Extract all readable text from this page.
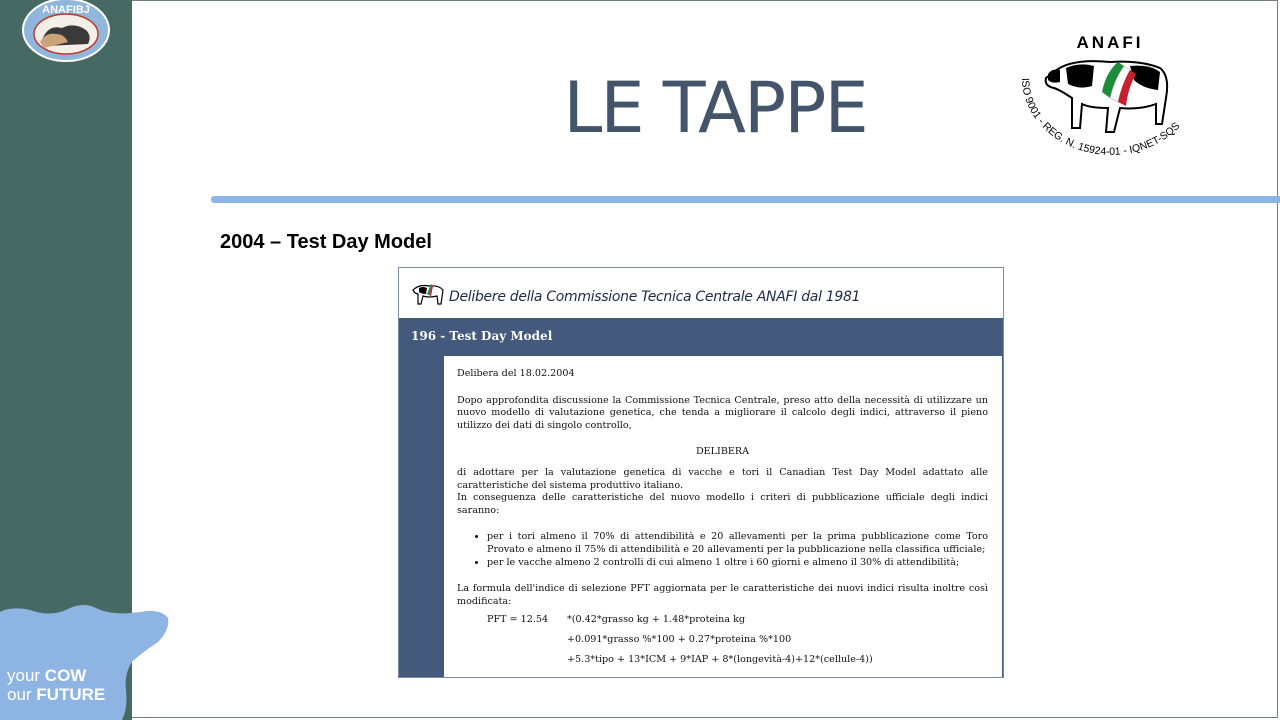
ANAFIBJ
your COW
our FUTURE
LE TAPPE
ANAFI
ISO 9001 - REG. N. 15924-01 - IQNET-SQS
2004 – Test Day Model
Delibere della Commissione Tecnica Centrale ANAFI dal 1981
196 - Test Day Model

Delibera del 18.02.2004

Dopo approfondita discussione la Commissione Tecnica Centrale, preso atto della necessità di utilizzare un nuovo modello di valutazione genetica, che tenda a migliorare il calcolo degli indici, attraverso il pieno utilizzo dei dati di singolo controllo,

DELIBERA

di adottare per la valutazione genetica di vacche e tori il Canadian Test Day Model adattato alle caratteristiche del sistema produttivo italiano.

In conseguenza delle caratteristiche del nuovo modello i criteri di pubblicazione ufficiale degli indici saranno:

• per i tori almeno il 70% di attendibilità e 20 allevamenti per la prima pubblicazione come Toro Provato e almeno il 75% di attendibilità e 20 allevamenti per la pubblicazione nella classifica ufficiale;
• per le vacche almeno 2 controlli di cui almeno 1 oltre i 60 giorni e almeno il 30% di attendibilità;

La formula dell'indice di selezione PFT aggiornata per le caratteristiche dei nuovi indici risulta inoltre così modificata:

PFT = 12.54 *(0.42*grasso kg + 1.48*proteina kg
+0.091*grasso %*100 + 0.27*proteina %*100
+5.3*tipo + 13*ICM + 9*IAP + 8*(longevità-4)+12*(cellule-4))
